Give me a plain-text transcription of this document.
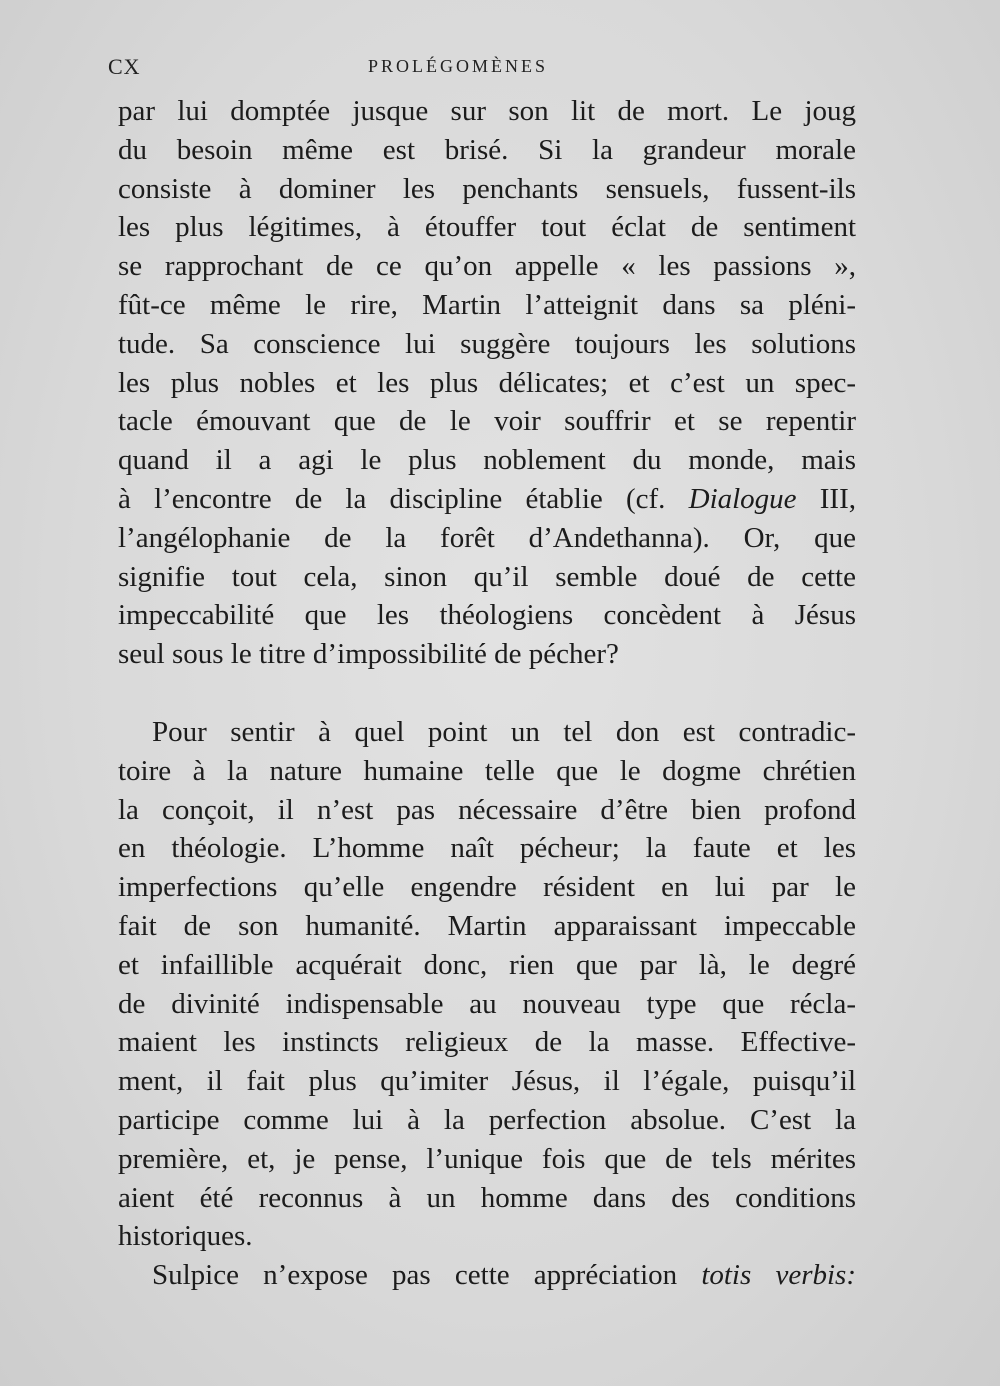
CX	PROLÉGOMÈNES
par lui domptée jusque sur son lit de mort. Le joug
du besoin même est brisé. Si la grandeur morale
consiste à dominer les penchants sensuels, fussent-ils
les plus légitimes, à étouffer tout éclat de sentiment
se rapprochant de ce qu’on appelle « les passions »,
fût-ce même le rire, Martin l’atteignit dans sa pléni-
tude. Sa conscience lui suggère toujours les solutions
les plus nobles et les plus délicates; et c’est un spec-
tacle émouvant que de le voir souffrir et se repentir
quand il a agi le plus noblement du monde, mais
à l’encontre de la discipline établie (cf. Dialogue III,
l’angélophanie de la forêt d’Andethanna). Or, que
signifie tout cela, sinon qu’il semble doué de cette
impeccabilité que les théologiens concèdent à Jésus
seul sous le titre d’impossibilité de pécher?
Pour sentir à quel point un tel don est contradic-
toire à la nature humaine telle que le dogme chrétien
la conçoit, il n’est pas nécessaire d’être bien profond
en théologie. L’homme naît pécheur; la faute et les
imperfections qu’elle engendre résident en lui par le
fait de son humanité. Martin apparaissant impeccable
et infaillible acquérait donc, rien que par là, le degré
de divinité indispensable au nouveau type que récla-
maient les instincts religieux de la masse. Effective-
ment, il fait plus qu’imiter Jésus, il l’égale, puisqu’il
participe comme lui à la perfection absolue. C’est la
première, et, je pense, l’unique fois que de tels mérites
aient été reconnus à un homme dans des conditions
historiques.
Sulpice n’expose pas cette appréciation totis verbis:
